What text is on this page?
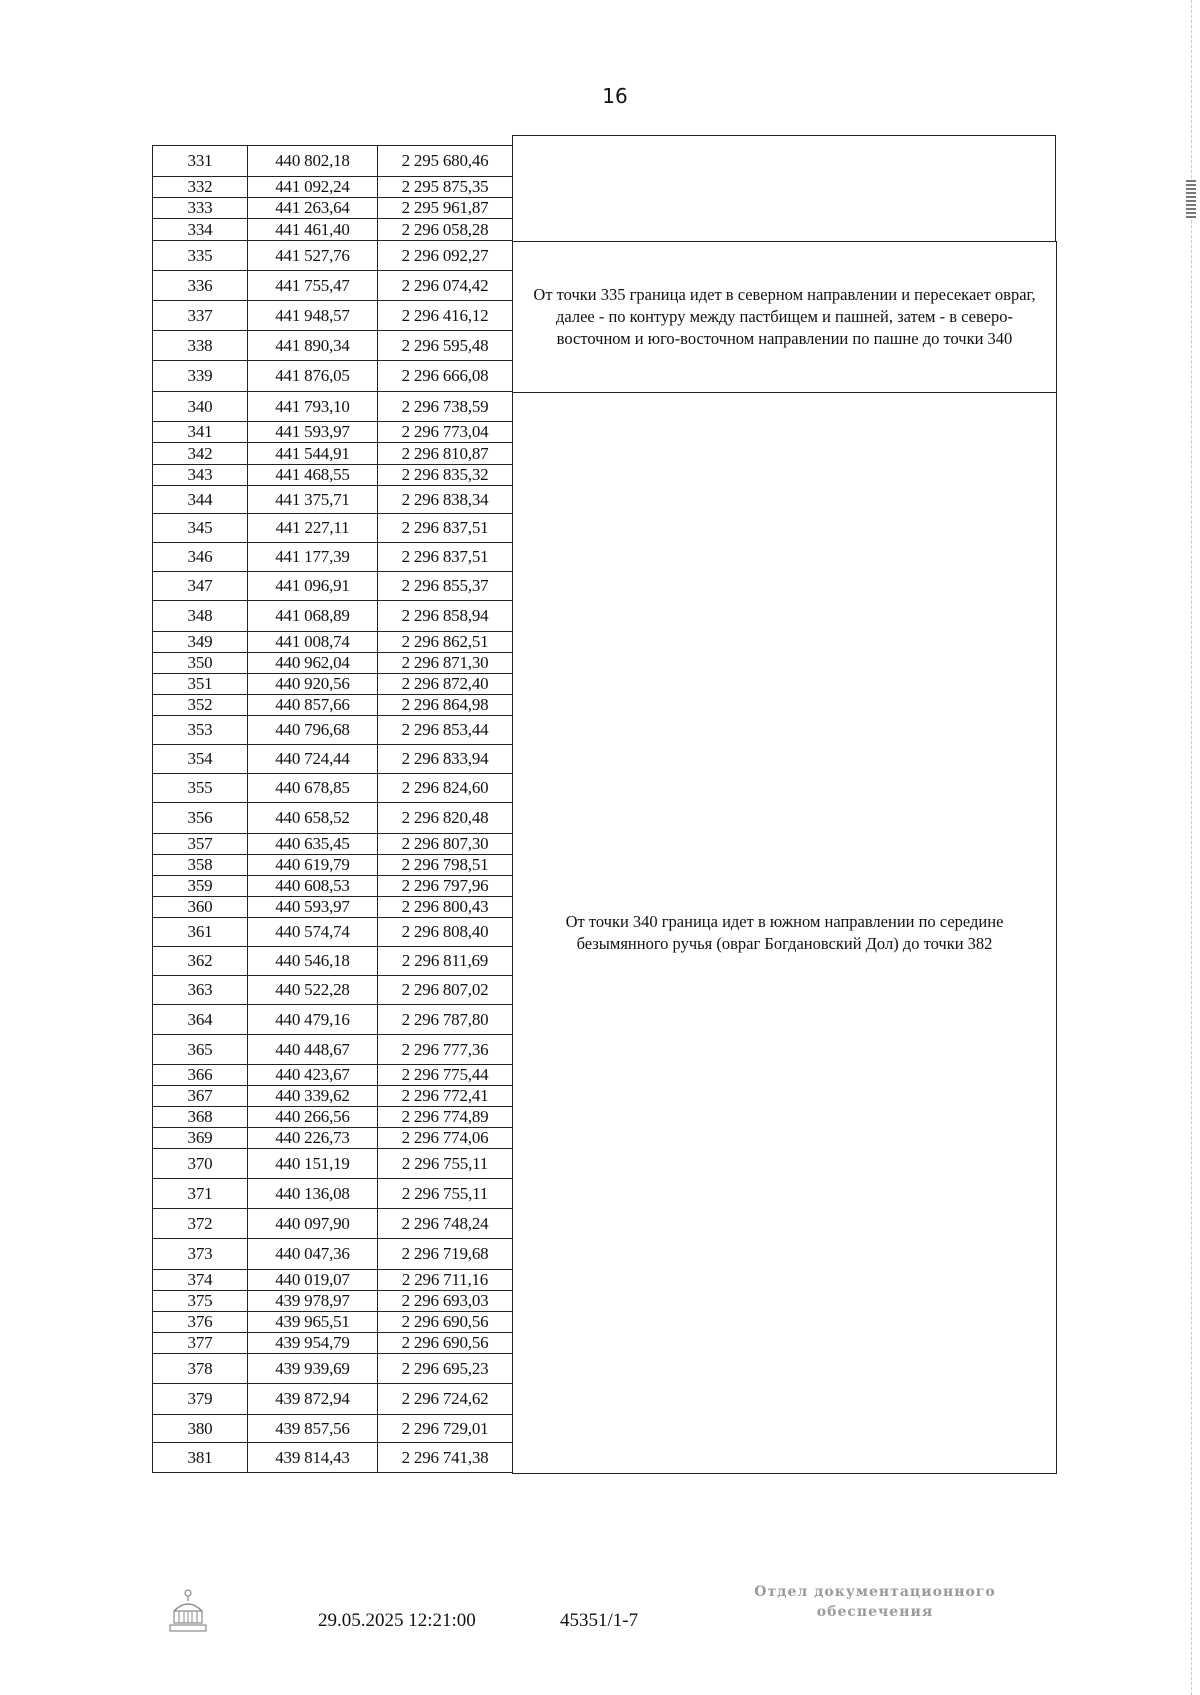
16
331	440 802,18	2 295 680,46
332	441 092,24	2 295 875,35
333	441 263,64	2 295 961,87
334	441 461,40	2 296 058,28
335	441 527,76	2 296 092,27
336	441 755,47	2 296 074,42
337	441 948,57	2 296 416,12
338	441 890,34	2 296 595,48
339	441 876,05	2 296 666,08
340	441 793,10	2 296 738,59
341	441 593,97	2 296 773,04
342	441 544,91	2 296 810,87
343	441 468,55	2 296 835,32
344	441 375,71	2 296 838,34
345	441 227,11	2 296 837,51
346	441 177,39	2 296 837,51
347	441 096,91	2 296 855,37
348	441 068,89	2 296 858,94
349	441 008,74	2 296 862,51
350	440 962,04	2 296 871,30
351	440 920,56	2 296 872,40
352	440 857,66	2 296 864,98
353	440 796,68	2 296 853,44
354	440 724,44	2 296 833,94
355	440 678,85	2 296 824,60
356	440 658,52	2 296 820,48
357	440 635,45	2 296 807,30
358	440 619,79	2 296 798,51
359	440 608,53	2 296 797,96
360	440 593,97	2 296 800,43
361	440 574,74	2 296 808,40
362	440 546,18	2 296 811,69
363	440 522,28	2 296 807,02
364	440 479,16	2 296 787,80
365	440 448,67	2 296 777,36
366	440 423,67	2 296 775,44
367	440 339,62	2 296 772,41
368	440 266,56	2 296 774,89
369	440 226,73	2 296 774,06
370	440 151,19	2 296 755,11
371	440 136,08	2 296 755,11
372	440 097,90	2 296 748,24
373	440 047,36	2 296 719,68
374	440 019,07	2 296 711,16
375	439 978,97	2 296 693,03
376	439 965,51	2 296 690,56
377	439 954,79	2 296 690,56
378	439 939,69	2 296 695,23
379	439 872,94	2 296 724,62
380	439 857,56	2 296 729,01
381	439 814,43	2 296 741,38

От точки 335 граница идет в северном направлении и пересекает овраг, далее - по контуру между пастбищем и пашней, затем - в северо-восточном и юго-восточном направлении по пашне до точки 340

От точки 340 граница идет в южном направлении по середине безымянного ручья (овраг Богдановский Дол) до точки 382

29.05.2025 12:21:00	45351/1-7
Отдел документационного
обеспечения
